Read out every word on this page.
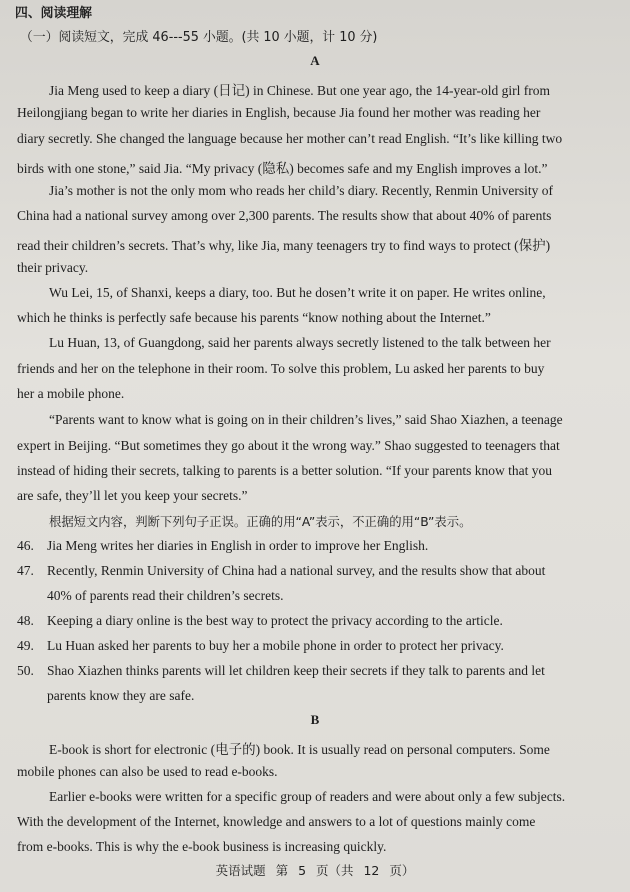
四、阅读理解
（一）阅读短文，完成 46---55 小题。(共 10 小题，计 10 分)
A
Jia Meng used to keep a diary (日记) in Chinese. But one year ago, the 14-year-old girl from
Heilongjiang began to write her diaries in English, because Jia found her mother was reading her
diary secretly. She changed the language because her mother can’t read English. “It’s like killing two
birds with one stone,” said Jia. “My privacy (隐私) becomes safe and my English improves a lot.”
Jia’s mother is not the only mom who reads her child’s diary. Recently, Renmin University of
China had a national survey among over 2,300 parents. The results show that about 40% of parents
read their children’s secrets. That’s why, like Jia, many teenagers try to find ways to protect (保护)
their privacy.
Wu Lei, 15, of Shanxi, keeps a diary, too. But he dosen’t write it on paper. He writes online,
which he thinks is perfectly safe because his parents “know nothing about the Internet.”
Lu Huan, 13, of Guangdong, said her parents always secretly listened to the talk between her
friends and her on the telephone in their room. To solve this problem, Lu asked her parents to buy
her a mobile phone.
“Parents want to know what is going on in their children’s lives,” said Shao Xiazhen, a teenage
expert in Beijing. “But sometimes they go about it the wrong way.” Shao suggested to teenagers that
instead of hiding their secrets, talking to parents is a better solution. “If your parents know that you
are safe, they’ll let you keep your secrets.”
根据短文内容，判断下列句子正误。正确的用“A”表示，不正确的用“B”表示。
46. Jia Meng writes her diaries in English in order to improve her English.
47. Recently, Renmin University of China had a national survey, and the results show that about
40% of parents read their children’s secrets.
48. Keeping a diary online is the best way to protect the privacy according to the article.
49. Lu Huan asked her parents to buy her a mobile phone in order to protect her privacy.
50. Shao Xiazhen thinks parents will let children keep their secrets if they talk to parents and let
parents know they are safe.
B
E-book is short for electronic (电子的) book. It is usually read on personal computers. Some
mobile phones can also be used to read e-books.
Earlier e-books were written for a specific group of readers and were about only a few subjects.
With the development of the Internet, knowledge and answers to a lot of questions mainly come
from e-books. This is why the e-book business is increasing quickly.
英语试题 第 5 页（共 12 页）
